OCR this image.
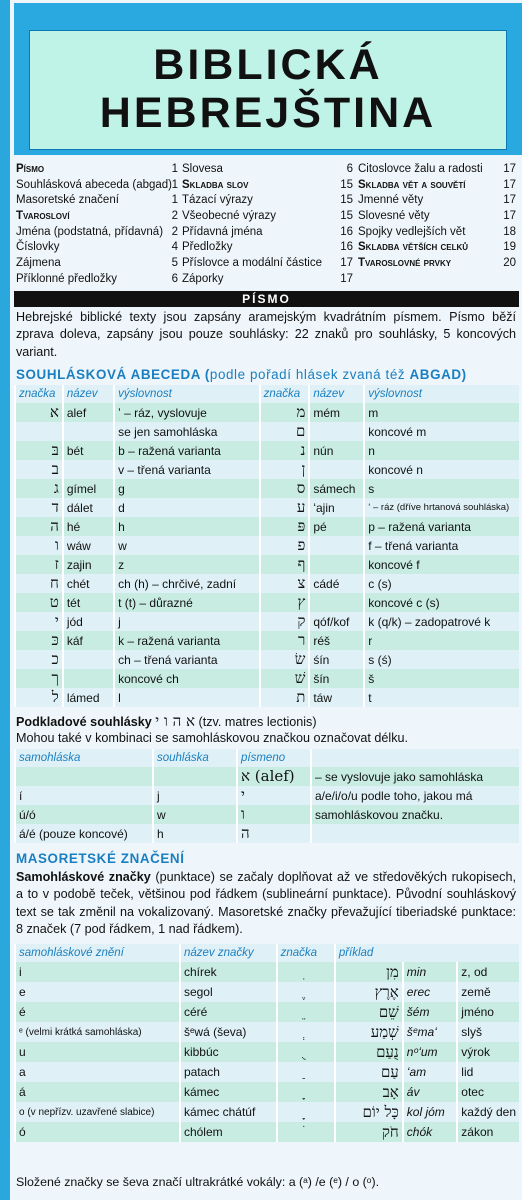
BIBLICKÁ
HEBREJŠTINA
Písmo	1
Souhlásková abeceda (abgad) 1
Masoretské značení	1
Tvarosloví	2
Jména (podstatná, přídavná) 2
Číslovky	4
Zájmena	5
Příklonné předložky	6
Slovesa	6
Skladba slov	15
Tázací výrazy	15
Všeobecné výrazy	15
Přídavná jména	16
Předložky	16
Příslovce a modální částice 17
Záporky	17
Citoslovce žalu a radosti 17
Skladba vět a souvětí	17
Jmenné věty	17
Slovesné věty	17
Spojky vedlejších vět	18
Skladba větších celků	19
Tvaroslovné prvky	20
PÍSMO
Hebrejské biblické texty jsou zapsány aramejským kvadrátním písmem. Písmo běží zprava doleva, zapsány jsou pouze souhlásky: 22 znaků pro souhlásky, 5 koncových variant.
SOUHLÁSKOVÁ ABECEDA (podle pořadí hlásek zvaná též ABGAD)
značka	název	výslovnost	značka	název	výslovnost
א	alef	ʼ – ráz, vyslovuje	מ	mém	m
		se jen samohláska	ם		koncové m
בּ	bét	b – ražená varianta	נ	nún	n
ב		v – třená varianta	ן		koncové n
ג	gímel	g	ס	sámech	s
ד	dálet	d	ע	ʻajin	ʻ – ráz (dříve hrtanová souhláska)
ה	hé	h	פּ	pé	p – ražená varianta
ו	wáw	w	פ		f – třená varianta
ז	zajin	z	ף		koncové f
ח	chét	ch (h) – chrčivé, zadní	צ	cádé	c (s)
ט	tét	t (t) – důrazné	ץ		koncové c (s)
י	jód	j	ק	qóf/kof	k (q/k) – zadopatrové k
כּ	káf	k – ražená varianta	ר	réš	r
כ		ch – třená varianta	שׂ	śín	s (ś)
ך		koncové ch	שׁ	šín	š
ל	lámed	l	ת	táw	t
Podkladové souhlásky א ה ו י (tzv. matres lectionis)
Mohou také v kombinaci se samohláskovou značkou označovat délku.
samohláska	souhláska	písmeno	
		א (alef)	– se vyslovuje jako samohláska
í	j	י	a/e/i/o/u podle toho, jakou má
ú/ó	w	ו	samohláskovou značku.
á/é (pouze koncové)	h	ה	
MASORETSKÉ ZNAČENÍ
Samohláskové značky (punktace) se začaly doplňovat až ve středověkých rukopisech, a to v podobě teček, většinou pod řádkem (sublineární punktace). Původní souhláskový text se tak změnil na vokalizovaný. Masoretské značky převažující tiberiadské punktace: 8 značek (7 pod řádkem, 1 nad řádkem).
samohláskové znění	název značky	značka	příklad		
i	chírek	ִ	מִן	min	z, od
e	segol	ֶ	אֶרֶץ	erec	země
é	céré	ֵ	שֵׁם	šém	jméno
ᵉ (velmi krátká samohláska)	šᵉwá (ševa)	ְ	שְׁמַע	šᵉmaʻ	slyš
u	kibbúc	ֻ	נֻעַם	nᵒʻum	výrok
a	patach	ַ	עַם	ʻam	lid
á	kámec	ָ	אָב	áv	otec
o (v nepřízv. uzavřené slabice)	kámec chátúf	ָ	כָּל יוֹם	kol jóm	každý den
ó	chólem	ֹ	חֹק	chók	zákon
Složené značky se ševa značí ultrakrátké vokály: a (ᵃ) /e (ᵉ) / o (ᵒ).
